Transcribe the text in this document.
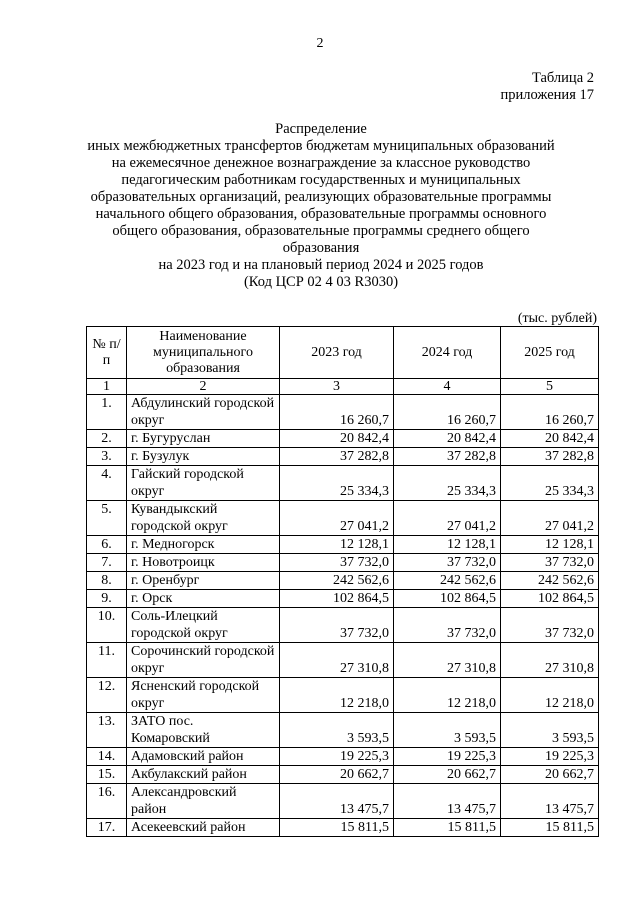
2
Таблица 2
приложения 17
Распределение
иных межбюджетных трансфертов бюджетам муниципальных образований
на ежемесячное денежное вознаграждение за классное руководство
педагогическим работникам государственных и муниципальных
образовательных организаций, реализующих образовательные программы
начального общего образования, образовательные программы основного
общего образования, образовательные программы среднего общего
образования
на 2023 год и на плановый период 2024 и 2025 годов
(Код ЦСР 02 4 03 R3030)
(тыс. рублей)
№ п/п	Наименование муниципального образования	2023 год	2024 год	2025 год
1	2	3	4	5
1.	Абдулинский городской округ	16 260,7	16 260,7	16 260,7
2.	г. Бугуруслан	20 842,4	20 842,4	20 842,4
3.	г. Бузулук	37 282,8	37 282,8	37 282,8
4.	Гайский городской округ	25 334,3	25 334,3	25 334,3
5.	Кувандыкский городской округ	27 041,2	27 041,2	27 041,2
6.	г. Медногорск	12 128,1	12 128,1	12 128,1
7.	г. Новотроицк	37 732,0	37 732,0	37 732,0
8.	г. Оренбург	242 562,6	242 562,6	242 562,6
9.	г. Орск	102 864,5	102 864,5	102 864,5
10.	Соль-Илецкий городской округ	37 732,0	37 732,0	37 732,0
11.	Сорочинский городской округ	27 310,8	27 310,8	27 310,8
12.	Ясненский городской округ	12 218,0	12 218,0	12 218,0
13.	ЗАТО пос. Комаровский	3 593,5	3 593,5	3 593,5
14.	Адамовский район	19 225,3	19 225,3	19 225,3
15.	Акбулакский район	20 662,7	20 662,7	20 662,7
16.	Александровский район	13 475,7	13 475,7	13 475,7
17.	Асекеевский район	15 811,5	15 811,5	15 811,5
